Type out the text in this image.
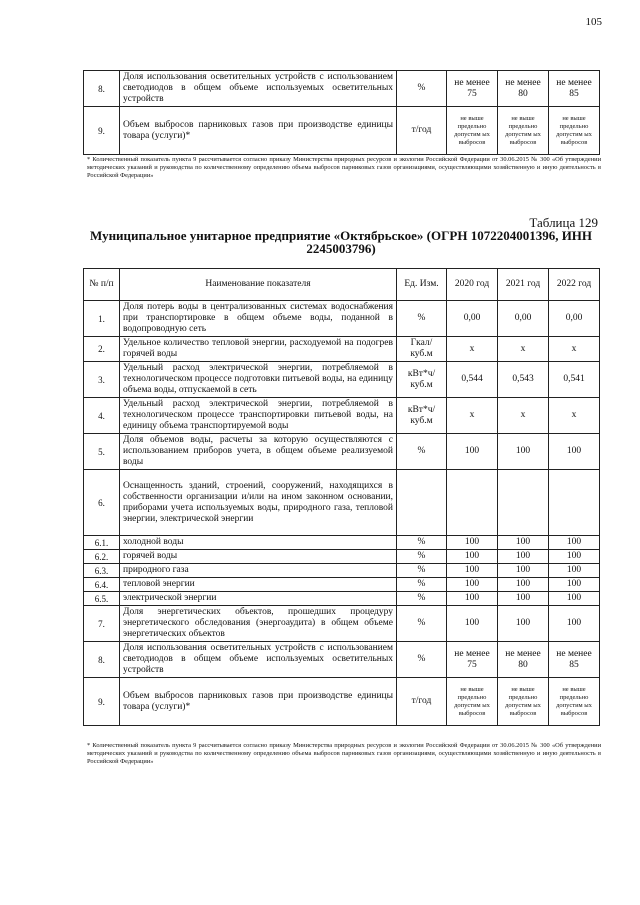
105
8.	Доля использования осветительных устройств с использованием светодиодов в общем объеме используемых осветительных устройств	%	не менее 75	не менее 80	не менее 85
9.	Объем выбросов парниковых газов при производстве единицы товара (услуги)*	т/год	не выше предельно допустим ых выбросов	не выше предельно допустим ых выбросов	не выше предельно допустим ых выбросов
* Количественный показатель пункта 9 рассчитывается согласно приказу Министерства природных ресурсов и экологии Российской Федерации от 30.06.2015 № 300 «Об утверждении методических указаний и руководства по количественному определению объема выбросов парниковых газов организациями, осуществляющими хозяйственную и иную деятельность в Российской Федерации»
Таблица 129
Муниципальное унитарное предприятие «Октябрьское» (ОГРН 1072204001396, ИНН 2245003796)
№ п/п	Наименование показателя	Ед. Изм.	2020 год	2021 год	2022 год
1.	Доля потерь воды в централизованных системах водоснабжения при транспортировке в общем объеме воды, поданной в водопроводную сеть	%	0,00	0,00	0,00
2.	Удельное количество тепловой энергии, расходуемой на подогрев горячей воды	Гкал/ куб.м	х	х	х
3.	Удельный расход электрической энергии, потребляемой в технологическом процессе подготовки питьевой воды, на единицу объема воды, отпускаемой в сеть	кВт*ч/ куб.м	0,544	0,543	0,541
4.	Удельный расход электрической энергии, потребляемой в технологическом процессе транспортировки питьевой воды, на единицу объема транспортируемой воды	кВт*ч/ куб.м	х	х	х
5.	Доля объемов воды, расчеты за которую осуществляются с использованием приборов учета, в общем объеме реализуемой воды	%	100	100	100
6.	Оснащенность зданий, строений, сооружений, находящихся в собственности организации и/или на ином законном основании, приборами учета используемых воды, природного газа, тепловой энергии, электрической энергии				
6.1.	холодной воды	%	100	100	100
6.2.	горячей воды	%	100	100	100
6.3.	природного газа	%	100	100	100
6.4.	тепловой энергии	%	100	100	100
6.5.	электрической энергии	%	100	100	100
7.	Доля энергетических объектов, прошедших процедуру энергетического обследования (энергоаудита) в общем объеме энергетических объектов	%	100	100	100
8.	Доля использования осветительных устройств с использованием светодиодов в общем объеме используемых осветительных устройств	%	не менее 75	не менее 80	не менее 85
9.	Объем выбросов парниковых газов при производстве единицы товара (услуги)*	т/год	не выше предельно допустим ых выбросов	не выше предельно допустим ых выбросов	не выше предельно допустим ых выбросов
* Количественный показатель пункта 9 рассчитывается согласно приказу Министерства природных ресурсов и экологии Российской Федерации от 30.06.2015 № 300 «Об утверждении методических указаний и руководства по количественному определению объема выбросов парниковых газов организациями, осуществляющими хозяйственную и иную деятельность в Российской Федерации»
